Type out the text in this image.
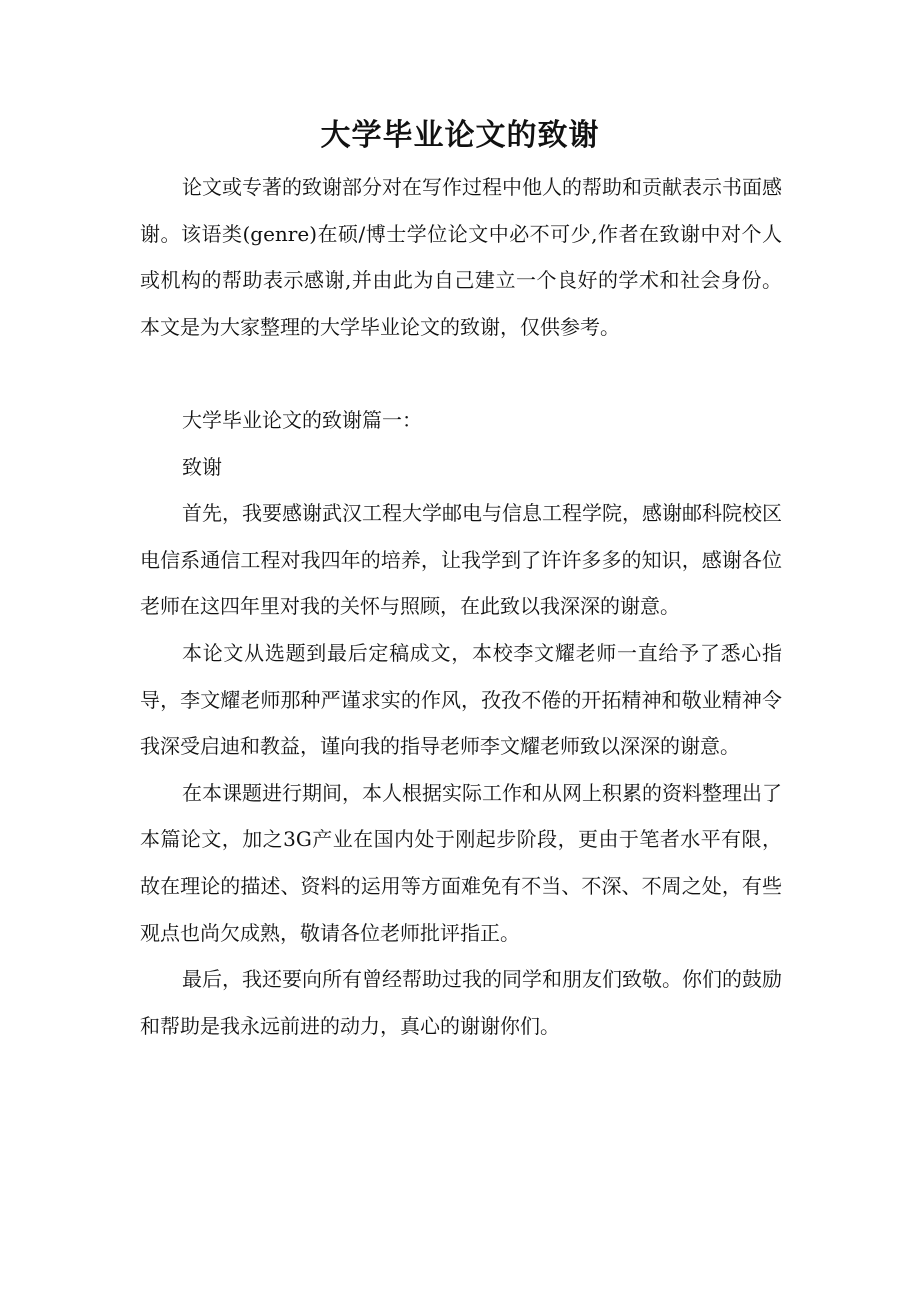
大学毕业论文的致谢

论文或专著的致谢部分对在写作过程中他人的帮助和贡献表示书面感谢。该语类(genre)在硕/博士学位论文中必不可少,作者在致谢中对个人或机构的帮助表示感谢,并由此为自己建立一个良好的学术和社会身份。本文是为大家整理的大学毕业论文的致谢，仅供参考。

大学毕业论文的致谢篇一：

致谢

首先，我要感谢武汉工程大学邮电与信息工程学院，感谢邮科院校区电信系通信工程对我四年的培养，让我学到了许许多多的知识，感谢各位老师在这四年里对我的关怀与照顾，在此致以我深深的谢意。

本论文从选题到最后定稿成文，本校李文耀老师一直给予了悉心指导，李文耀老师那种严谨求实的作风，孜孜不倦的开拓精神和敬业精神令我深受启迪和教益，谨向我的指导老师李文耀老师致以深深的谢意。

在本课题进行期间，本人根据实际工作和从网上积累的资料整理出了本篇论文，加之3G产业在国内处于刚起步阶段，更由于笔者水平有限，故在理论的描述、资料的运用等方面难免有不当、不深、不周之处，有些观点也尚欠成熟，敬请各位老师批评指正。

最后，我还要向所有曾经帮助过我的同学和朋友们致敬。你们的鼓励和帮助是我永远前进的动力，真心的谢谢你们。
